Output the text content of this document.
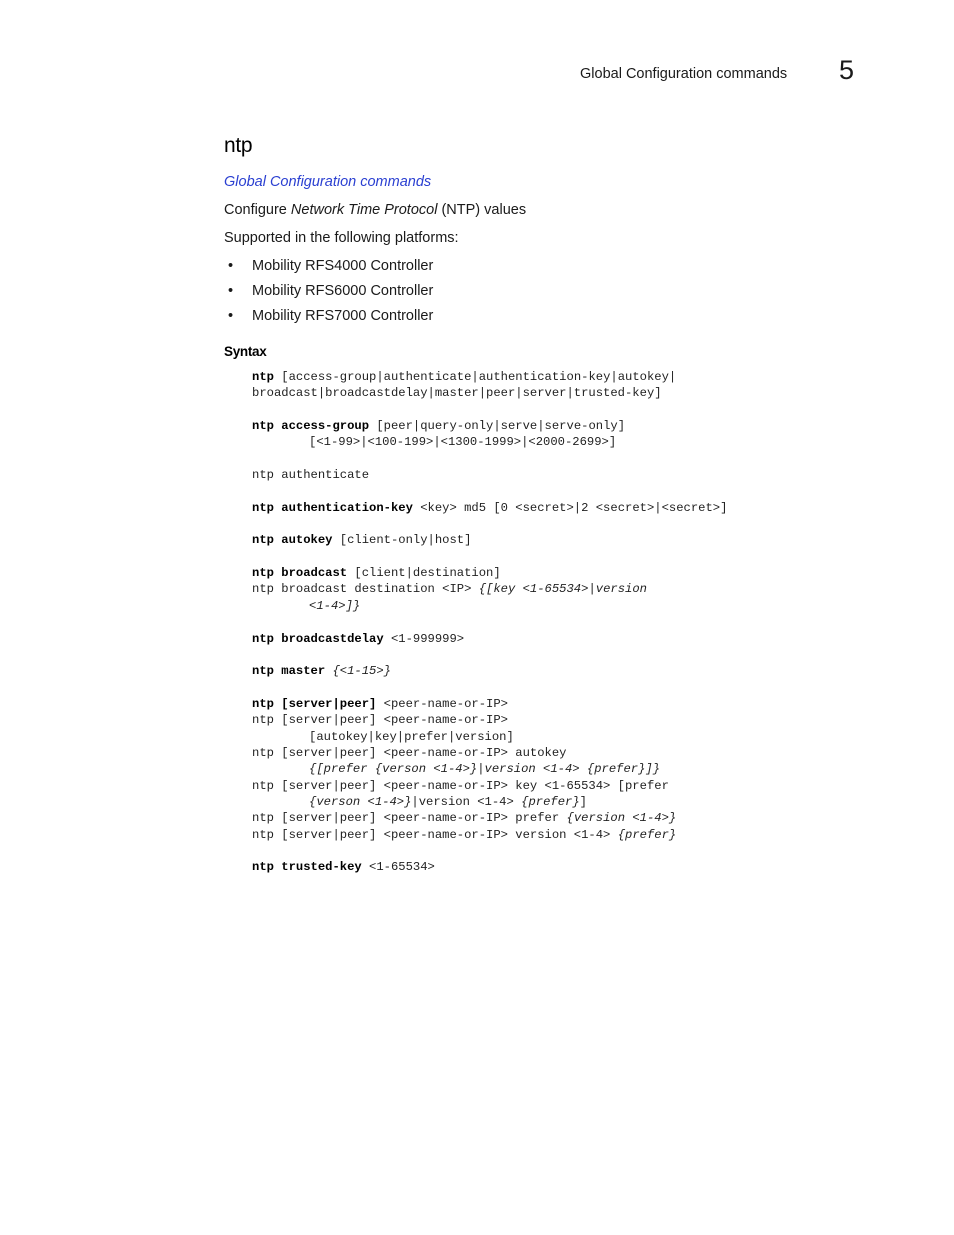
Global Configuration commands 5
ntp
Global Configuration commands

Configure Network Time Protocol (NTP) values

Supported in the following platforms:

• Mobility RFS4000 Controller
• Mobility RFS6000 Controller
• Mobility RFS7000 Controller
Syntax
ntp [access-group|authenticate|authentication-key|autokey|
broadcast|broadcastdelay|master|peer|server|trusted-key]
ntp access-group [peer|query-only|serve|serve-only]
[<1-99>|<100-199>|<1300-1999>|<2000-2699>]
ntp authenticate
ntp authentication-key <key> md5 [0 <secret>|2 <secret>|<secret>]
ntp autokey [client-only|host]
ntp broadcast [client|destination]
ntp broadcast destination <IP> {[key <1-65534>|version
<1-4>]}
ntp broadcastdelay <1-999999>
ntp master {<1-15>}
ntp [server|peer] <peer-name-or-IP>
ntp [server|peer] <peer-name-or-IP>
[autokey|key|prefer|version]
ntp [server|peer] <peer-name-or-IP> autokey
{[prefer {verson <1-4>}|version <1-4> {prefer}]}
ntp [server|peer] <peer-name-or-IP> key <1-65534> [prefer
{verson <1-4>}|version <1-4> {prefer}]
ntp [server|peer] <peer-name-or-IP> prefer {version <1-4>}
ntp [server|peer] <peer-name-or-IP> version <1-4> {prefer}
ntp trusted-key <1-65534>
